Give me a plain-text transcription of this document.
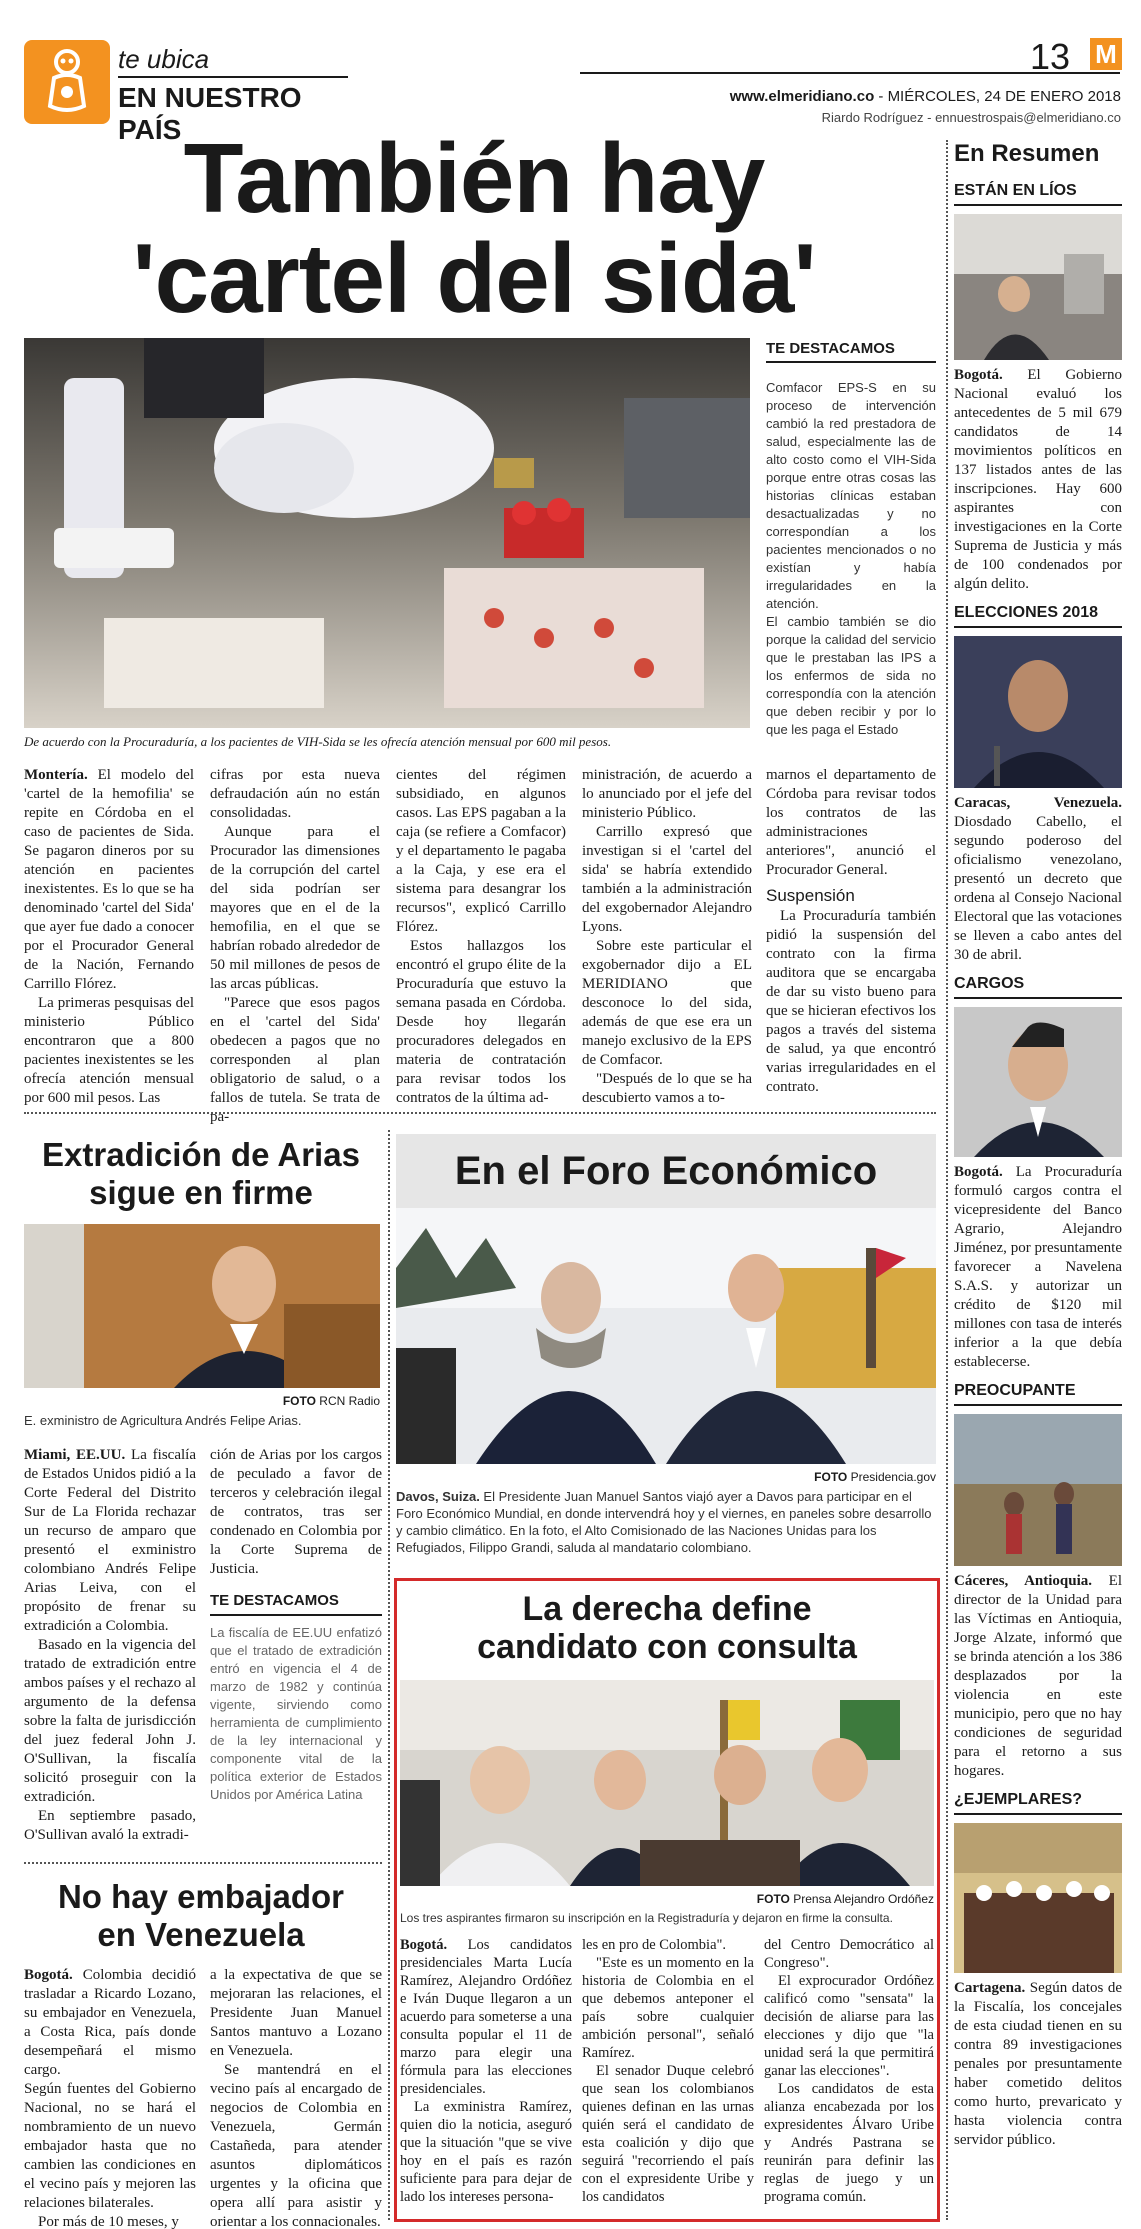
te ubica
EN NUESTRO PAÍS
13 M
www.elmeridiano.co - MIÉRCOLES, 24 DE ENERO 2018
Riardo Rodríguez - ennuestrospais@elmeridiano.co
También hay
'cartel del sida'
De acuerdo con la Procuraduría, a los pacientes de VIH-Sida se les ofrecía atención mensual por 600 mil pesos.
TE DESTACAMOS
Comfacor EPS-S en su proceso de intervención cambió la red prestadora de salud, especialmente las de alto costo como el VIH-Sida porque entre otras cosas las historias clínicas estaban desactualizadas y no correspondían a los pacientes mencionados o no existían y había irregularidades en la atención.
El cambio también se dio porque la calidad del servicio que le prestaban las IPS a los enfermos de sida no correspondía con la atención que deben recibir y por lo que les paga el Estado

Montería. El modelo del 'cartel de la hemofilia' se repite en Córdoba en el caso de pacientes de Sida. Se pagaron dineros por su atención en pacientes inexistentes. Es lo que se ha denominado 'cartel del Sida' que ayer fue dado a conocer por el Procurador General de la Nación, Fernando Carrillo Flórez.

La primeras pesquisas del ministerio Público encontraron que a 800 pacientes inexistentes se les ofrecía atención mensual por 600 mil pesos. Las

cifras por esta nueva defraudación aún no están consolidadas.

Aunque para el Procurador las dimensiones de la corrupción del cartel del sida podrían ser mayores que en el de la hemofilia, en el que se habrían robado alrededor de 50 mil millones de pesos de las arcas públicas.

"Parece que esos pagos en el 'cartel del Sida' obedecen a pagos que no corresponden al plan obligatorio de salud, o a fallos de tutela. Se trata de pa-

cientes del régimen subsidiado, en algunos casos. Las EPS pagaban a la caja (se refiere a Comfacor) y el departamento le pagaba a la Caja, y ese era el sistema para desangrar los recursos", explicó Carrillo Flórez.

Estos hallazgos los encontró el grupo élite de la Procuraduría que estuvo la semana pasada en Córdoba. Desde hoy llegarán procuradores delegados en materia de contratación para revisar todos los contratos de la última ad-

ministración, de acuerdo a lo anunciado por el jefe del ministerio Público.

Carrillo expresó que investigan si el 'cartel del sida' se habría extendido también a la administración del exgobernador Alejandro Lyons.

Sobre este particular el exgobernador dijo a EL MERIDIANO que desconoce lo del sida, además de que ese era un manejo exclusivo de la EPS de Comfacor.

"Después de lo que se ha descubierto vamos a to-

marnos el departamento de Córdoba para revisar todos los contratos de las administraciones anteriores", anunció el Procurador General.

Suspensión

La Procuraduría también pidió la suspensión del contrato con la firma auditora que se encargaba de dar su visto bueno para que se hicieran efectivos los pagos a través del sistema de salud, ya que encontró varias irregularidades en el contrato.

Extradición de Arias
sigue en firme
FOTO RCN Radio
E. exministro de Agricultura Andrés Felipe Arias.

Miami, EE.UU. La fiscalía de Estados Unidos pidió a la Corte Federal del Distrito Sur de La Florida rechazar un recurso de amparo que presentó el exministro colombiano Andrés Felipe Arias Leiva, con el propósito de frenar su extradición a Colombia.

Basado en la vigencia del tratado de extradición entre ambos países y el rechazo al argumento de la defensa sobre la falta de jurisdicción del juez federal John J. O'Sullivan, la fiscalía solicitó proseguir con la extradición.

En septiembre pasado, O'Sullivan avaló la extradi-

ción de Arias por los cargos de peculado a favor de terceros y celebración ilegal de contratos, tras ser condenado en Colombia por la Corte Suprema de Justicia.

TE DESTACAMOS
La fiscalía de EE.UU enfatizó que el tratado de extradición entró en vigencia el 4 de marzo de 1982 y continúa vigente, sirviendo como herramienta de cumplimiento de la ley internacional y componente vital de la política exterior de Estados Unidos por América Latina
No hay embajador
en Venezuela

Bogotá. Colombia decidió trasladar a Ricardo Lozano, su embajador en Venezuela, a Costa Rica, país donde desempeñará el mismo cargo.

Según fuentes del Gobierno Nacional, no se hará el nombramiento de un nuevo embajador hasta que no cambien las condiciones en el vecino país y mejoren las relaciones bilaterales.

Por más de 10 meses, y

a la expectativa de que se mejoraran las relaciones, el Presidente Juan Manuel Santos mantuvo a Lozano en Venezuela.

Se mantendrá en el vecino país al encargado de negocios de Colombia en Venezuela, Germán Castañeda, para atender asuntos diplomáticos urgentes y la oficina que opera allí para asistir y orientar a los connacionales.

En el Foro Económico
FOTO Presidencia.gov
Davos, Suiza. El Presidente Juan Manuel Santos viajó ayer a Davos para participar en el Foro Económico Mundial, en donde intervendrá hoy y el viernes, en paneles sobre desarrollo y cambio climático. En la foto, el Alto Comisionado de las Naciones Unidas para los Refugiados, Filippo Grandi, saluda al mandatario colombiano.
La derecha define
candidato con consulta
FOTO Prensa Alejandro Ordóñez
Los tres aspirantes firmaron su inscripción en la Registraduría y dejaron en firme la consulta.

Bogotá. Los candidatos presidenciales Marta Lucía Ramírez, Alejandro Ordóñez e Iván Duque llegaron a un acuerdo para someterse a una consulta popular el 11 de marzo para elegir una fórmula para las elecciones presidenciales.

La exministra Ramírez, quien dio la noticia, aseguró que la situación "que se vive hoy en el país es razón suficiente para para dejar de lado los intereses persona-

les en pro de Colombia".

"Este es un momento en la historia de Colombia en el que debemos anteponer el país sobre cualquier ambición personal", señaló Ramírez.

El senador Duque celebró que sean los colombianos quienes definan en las urnas quién será el candidato de esta coalición y dijo que seguirá "recorriendo el país con el expresidente Uribe y los candidatos

del Centro Democrático al Congreso".

El exprocurador Ordóñez calificó como "sensata" la decisión de aliarse para las elecciones y dijo que "la unidad será la que permitirá ganar las elecciones".

Los candidatos de esta alianza encabezada por los expresidentes Álvaro Uribe y Andrés Pastrana se reunirán para definir las reglas de juego y un programa común.

En Resumen
ESTÁN EN LÍOS
Bogotá. El Gobierno Nacional evaluó los antecedentes de 5 mil 679 candidatos de 14 movimientos políticos en 137 listados antes de las inscripciones. Hay 600 aspirantes con investigaciones en la Corte Suprema de Justicia y más de 100 condenados por algún delito.
ELECCIONES 2018
Caracas, Venezuela. Diosdado Cabello, el segundo poderoso del oficialismo venezolano, presentó un decreto que ordena al Consejo Nacional Electoral que las votaciones se lleven a cabo antes del 30 de abril.
CARGOS
Bogotá. La Procuraduría formuló cargos contra el vicepresidente del Banco Agrario, Alejandro Jiménez, por presuntamente favorecer a Navelena S.A.S. y autorizar un crédito de $120 mil millones con tasa de interés inferior a la que debía establecerse.
PREOCUPANTE
Cáceres, Antioquia. El director de la Unidad para las Víctimas en Antioquia, Jorge Alzate, informó que se brinda atención a los 386 desplazados por la violencia en este municipio, pero que no hay condiciones de seguridad para el retorno a sus hogares.
¿EJEMPLARES?
Cartagena. Según datos de la Fiscalía, los concejales de esta ciudad tienen en su contra 89 investigaciones penales por presuntamente haber cometido delitos como hurto, prevaricato y hasta violencia contra servidor público.
